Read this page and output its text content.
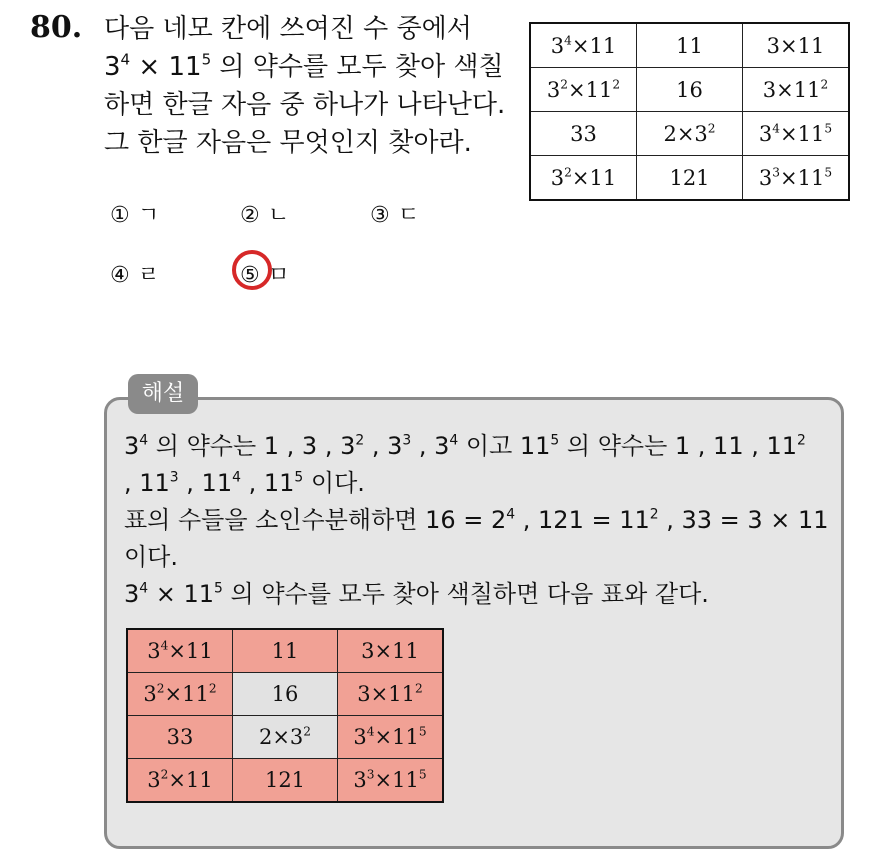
80. 다음 네모 칸에 쓰여진 수 중에서
$3^4 \times 11^5$ 의 약수를 모두 찾아 색칠
하면 한글 자음 중 하나가 나타난다.
그 한글 자음은 무엇인지 찾아라.
$3^4\times 11$	11	3×11
$3^2\times 11^2$	16	$3\times 11^2$
33	$2\times 3^2$	$3^4\times 11^5$
$3^2\times 11$	121	$3^3\times 11^5$
① ㄱ	② ㄴ	③ ㄷ
④ ㄹ	⑤ ㅁ
해설
$3^4$ 의 약수는 1 , 3 , $3^2$ , $3^3$ , $3^4$ 이고 $11^5$ 의 약수는 1 , 11 , $11^2$
, $11^3$ , $11^4$ , $11^5$ 이다.
표의 수들을 소인수분해하면 $16 = 2^4$ , $121 = 11^2$ , 33 = 3 × 11
이다.
$3^4 \times 11^5$ 의 약수를 모두 찾아 색칠하면 다음 표와 같다.
$3^4\times 11$	11	3×11
$3^2\times 11^2$	16	$3\times 11^2$
33	$2\times 3^2$	$3^4\times 11^5$
$3^2\times 11$	121	$3^3\times 11^5$
